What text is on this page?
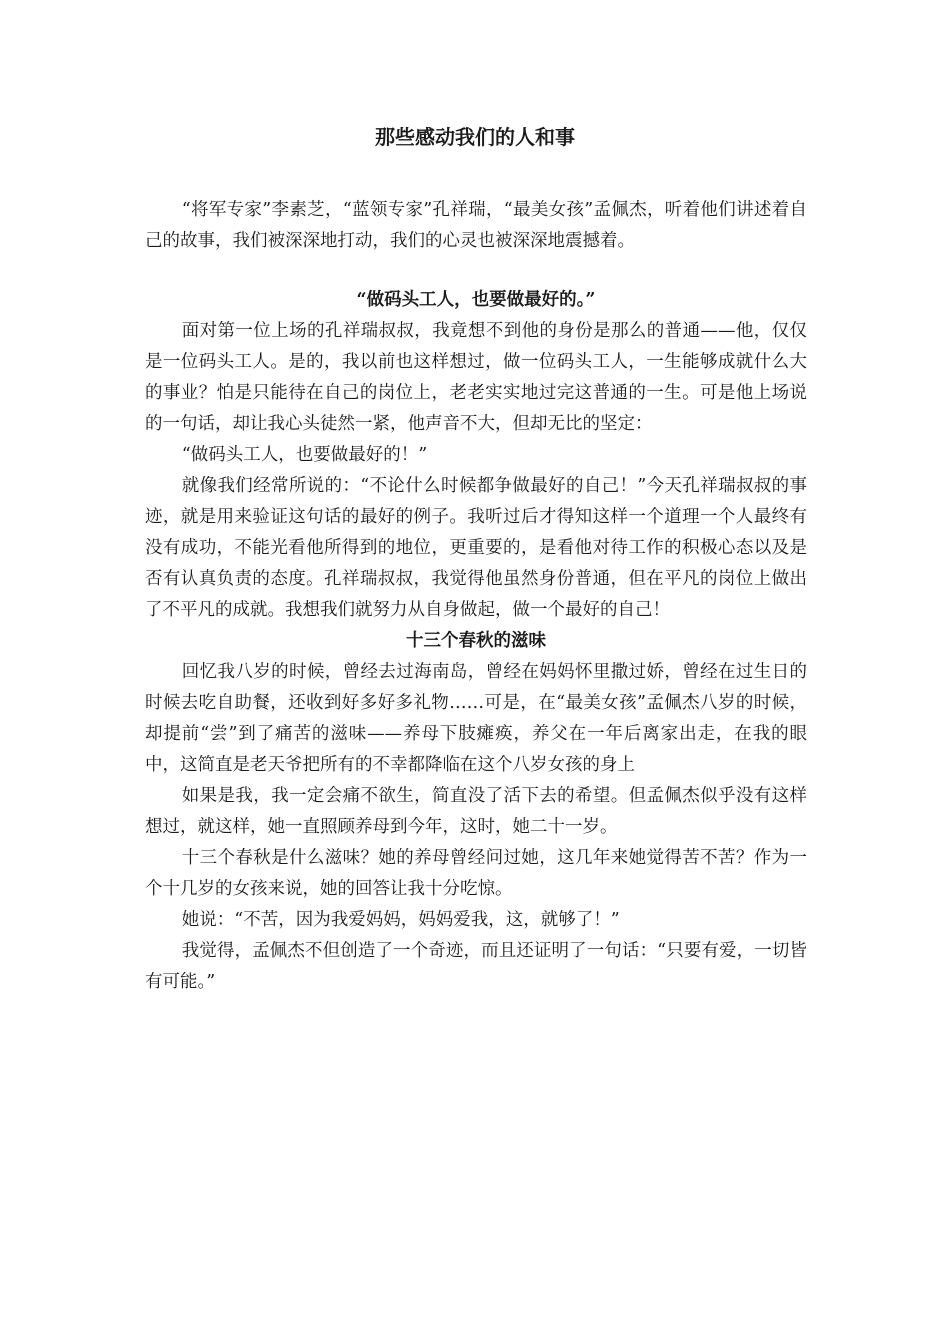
那些感动我们的人和事

“将军专家”李素芝，“蓝领专家”孔祥瑞，“最美女孩”孟佩杰，听着他们讲述着自己的故事，我们被深深地打动，我们的心灵也被深深地震撼着。

“做码头工人，也要做最好的。”

面对第一位上场的孔祥瑞叔叔，我竟想不到他的身份是那么的普通——他，仅仅是一位码头工人。是的，我以前也这样想过，做一位码头工人，一生能够成就什么大的事业？怕是只能待在自己的岗位上，老老实实地过完这普通的一生。可是他上场说的一句话，却让我心头徒然一紧，他声音不大，但却无比的坚定：

“做码头工人，也要做最好的！”

就像我们经常所说的：“不论什么时候都争做最好的自己！”今天孔祥瑞叔叔的事迹，就是用来验证这句话的最好的例子。我听过后才得知这样一个道理一个人最终有没有成功，不能光看他所得到的地位，更重要的，是看他对待工作的积极心态以及是否有认真负责的态度。孔祥瑞叔叔，我觉得他虽然身份普通，但在平凡的岗位上做出了不平凡的成就。我想我们就努力从自身做起，做一个最好的自己！

十三个春秋的滋味

回忆我八岁的时候，曾经去过海南岛，曾经在妈妈怀里撒过娇，曾经在过生日的时候去吃自助餐，还收到好多好多礼物……可是，在“最美女孩”孟佩杰八岁的时候，却提前“尝”到了痛苦的滋味——养母下肢瘫痪，养父在一年后离家出走，在我的眼中，这简直是老天爷把所有的不幸都降临在这个八岁女孩的身上

如果是我，我一定会痛不欲生，简直没了活下去的希望。但孟佩杰似乎没有这样想过，就这样，她一直照顾养母到今年，这时，她二十一岁。

十三个春秋是什么滋味？她的养母曾经问过她，这几年来她觉得苦不苦？作为一个十几岁的女孩来说，她的回答让我十分吃惊。

她说：“不苦，因为我爱妈妈，妈妈爱我，这，就够了！”

我觉得，孟佩杰不但创造了一个奇迹，而且还证明了一句话：“只要有爱，一切皆有可能。”
